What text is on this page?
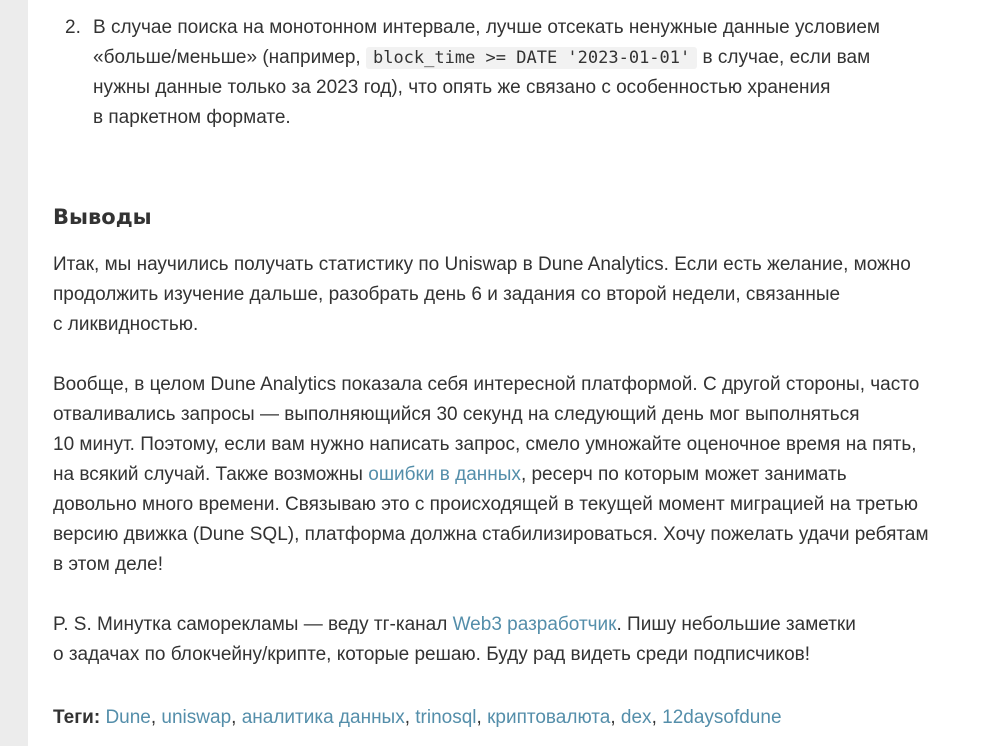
2. В случае поиска на монотонном интервале, лучше отсекать ненужные данные условием
«больше/меньше» (например, block_time >= DATE '2023-01-01' в случае, если вам
нужны данные только за 2023 год), что опять же связано с особенностью хранения
в паркетном формате.
Выводы
Итак, мы научились получать статистику по Uniswap в Dune Analytics. Если есть желание, можно
продолжить изучение дальше, разобрать день 6 и задания со второй недели, связанные
с ликвидностью.
Вообще, в целом Dune Analytics показала себя интересной платформой. С другой стороны, часто
отваливались запросы — выполняющийся 30 секунд на следующий день мог выполняться
10 минут. Поэтому, если вам нужно написать запрос, смело умножайте оценочное время на пять,
на всякий случай. Также возможны ошибки в данных, ресерч по которым может занимать
довольно много времени. Связываю это с происходящей в текущей момент миграцией на третью
версию движка (Dune SQL), платформа должна стабилизироваться. Хочу пожелать удачи ребятам
в этом деле!
P. S. Минутка саморекламы — веду тг-канал Web3 разработчик. Пишу небольшие заметки
о задачах по блокчейну/крипте, которые решаю. Буду рад видеть среди подписчиков!
Теги: Dune, uniswap, аналитика данных, trinosql, криптовалюта, dex, 12daysofdune
